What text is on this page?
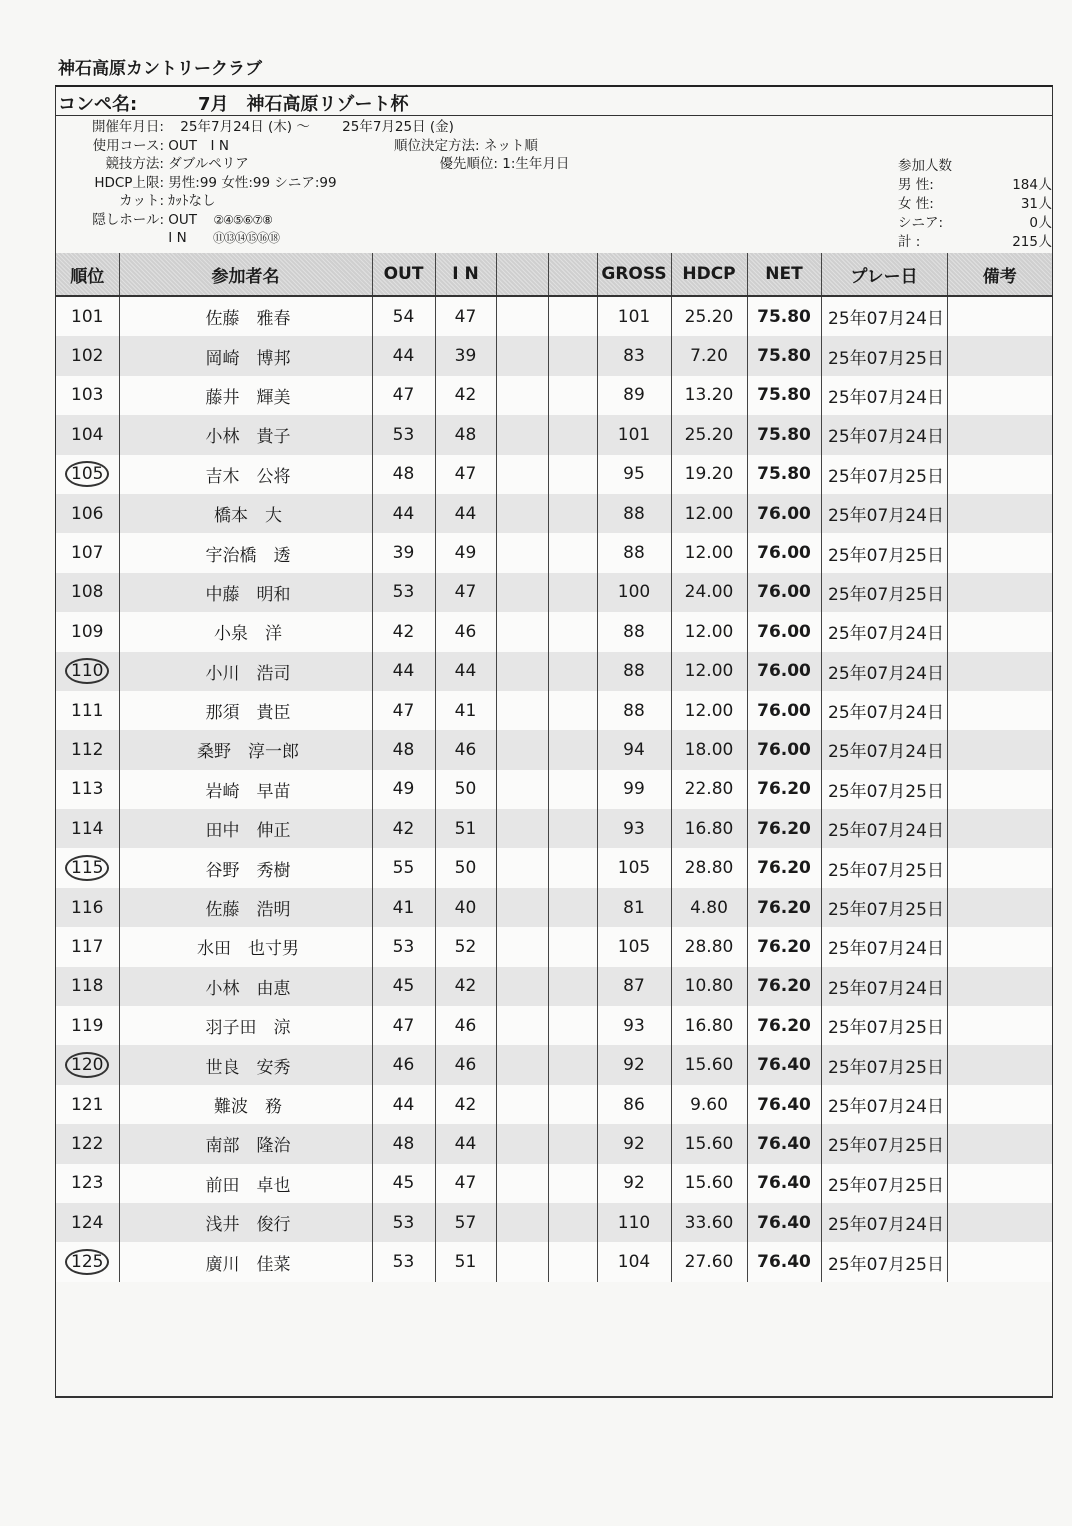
神石高原カントリークラブ
コンペ名:	7月　神石高原リゾート杯
開催年月日: 25年7月24日 (木) ～ 25年7月25日 (金)
使用コース: OUT　I N
競技方法: ダブルペリア
HDCP上限: 男性:99 女性:99 シニア:99
カット: ｶｯﾄなし
隠しホール: OUT ②④⑤⑥⑦⑧
I N ⑪⑬⑭⑮⑯⑱

順位決定方法: ネット順
優先順位: 1:生年月日	参加人数
男 性:	184 人
女 性:	31 人
シニア:	0 人
計 :	215 人
順位	参加者名	OUT	I N			GROSS	HDCP	NET	プレー日	備考
101	佐藤　雅春	54	47			101	25.20	75.80	25年07月24日	
102	岡崎　博邦	44	39			83	7.20	75.80	25年07月25日	
103	藤井　輝美	47	42			89	13.20	75.80	25年07月24日	
104	小林　貴子	53	48			101	25.20	75.80	25年07月24日	
105	吉木　公将	48	47			95	19.20	75.80	25年07月25日	
106	橋本　大	44	44			88	12.00	76.00	25年07月24日	
107	宇治橋　透	39	49			88	12.00	76.00	25年07月25日	
108	中藤　明和	53	47			100	24.00	76.00	25年07月25日	
109	小泉　洋	42	46			88	12.00	76.00	25年07月24日	
110	小川　浩司	44	44			88	12.00	76.00	25年07月24日	
111	那須　貴臣	47	41			88	12.00	76.00	25年07月24日	
112	桑野　淳一郎	48	46			94	18.00	76.00	25年07月24日	
113	岩崎　早苗	49	50			99	22.80	76.20	25年07月25日	
114	田中　伸正	42	51			93	16.80	76.20	25年07月24日	
115	谷野　秀樹	55	50			105	28.80	76.20	25年07月25日	
116	佐藤　浩明	41	40			81	4.80	76.20	25年07月25日	
117	水田　也寸男	53	52			105	28.80	76.20	25年07月24日	
118	小林　由恵	45	42			87	10.80	76.20	25年07月24日	
119	羽子田　涼	47	46			93	16.80	76.20	25年07月25日	
120	世良　安秀	46	46			92	15.60	76.40	25年07月25日	
121	難波　務	44	42			86	9.60	76.40	25年07月24日	
122	南部　隆治	48	44			92	15.60	76.40	25年07月25日	
123	前田　卓也	45	47			92	15.60	76.40	25年07月25日	
124	浅井　俊行	53	57			110	33.60	76.40	25年07月24日	
125	廣川　佳菜	53	51			104	27.60	76.40	25年07月25日	
